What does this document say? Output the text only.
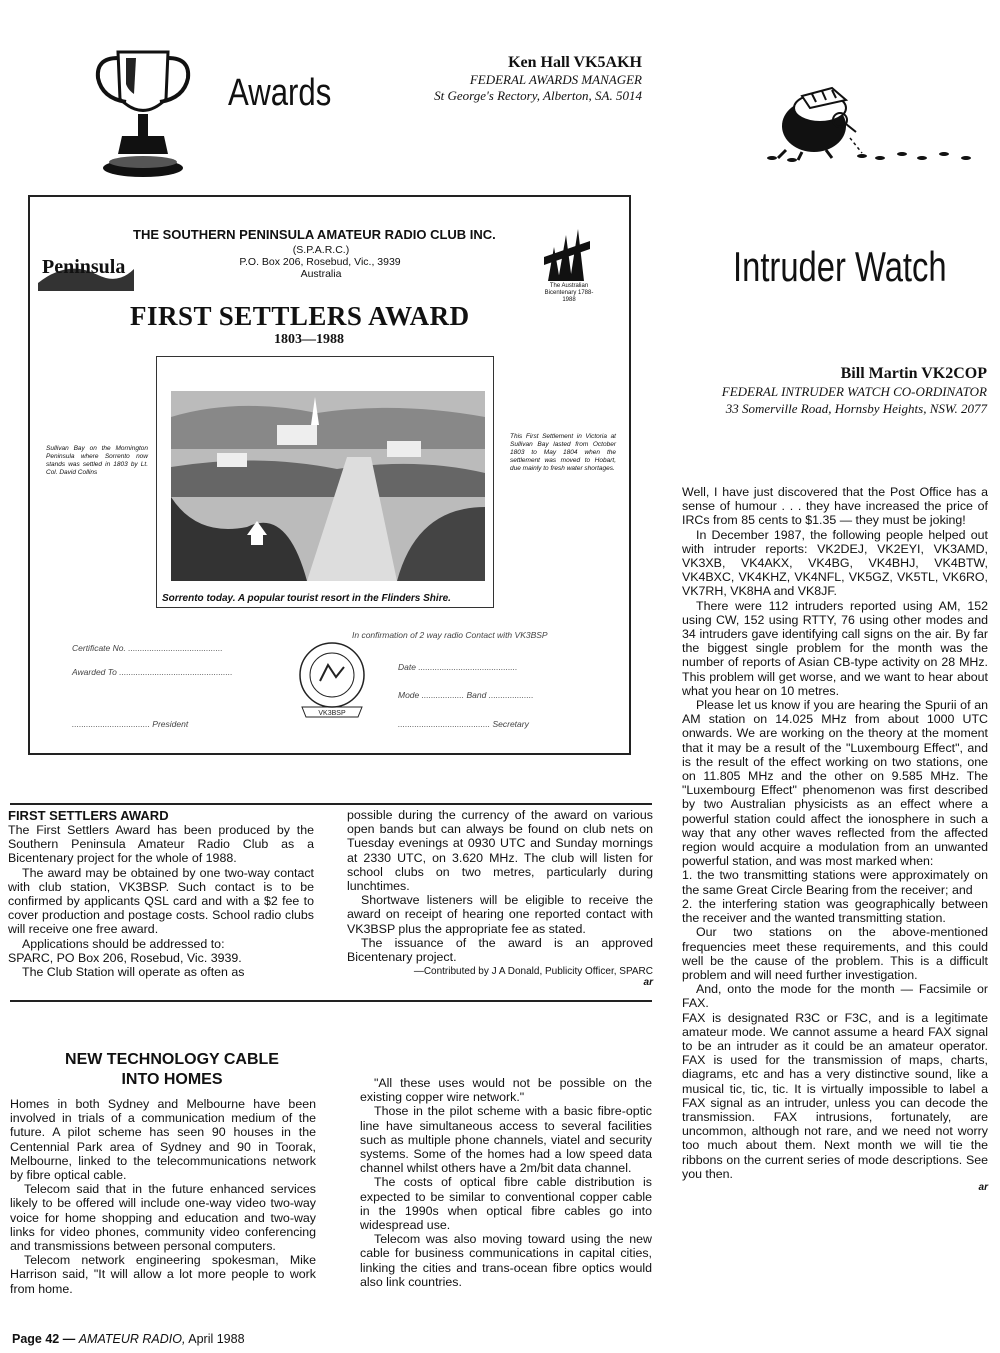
Awards
Ken Hall VK5AKH
FEDERAL AWARDS MANAGER
St George's Rectory, Alberton, SA. 5014
Intruder Watch
Bill Martin VK2COP
FEDERAL INTRUDER WATCH CO-ORDINATOR
33 Somerville Road, Hornsby Heights, NSW. 2077
Peninsula
THE SOUTHERN PENINSULA AMATEUR RADIO CLUB INC.
(S.P.A.R.C.)
P.O. Box 206, Rosebud, Vic., 3939
Australia
The Australian Bicentenary 1788-1988
FIRST SETTLERS AWARD
1803—1988
Sullivan Bay on the Mornington Peninsula where Sorrento now stands was settled in 1803 by Lt. Col. David Collins
This First Settlement in Victoria at Sullivan Bay lasted from October 1803 to May 1804 when the settlement was moved to Hobart, due mainly to fresh water shortages.
Sorrento today. A popular tourist resort in the Flinders Shire.
In confirmation of 2 way radio Contact with VK3BSP
Certificate No. ........................................
Awarded To ................................................	Date ..........................................
Mode .................. Band ...................
................................. President	....................................... Secretary
VK3BSP
FIRST SETTLERS AWARD

The First Settlers Award has been produced by the Southern Peninsula Amateur Radio Club as a Bicentenary project for the whole of 1988.

The award may be obtained by one two-way contact with club station, VK3BSP. Such contact is to be confirmed by applicants QSL card and with a $2 fee to cover production and postage costs. School radio clubs will receive one free award.

Applications should be addressed to:

SPARC, PO Box 206, Rosebud, Vic. 3939.

The Club Station will operate as often as

possible during the currency of the award on various open bands but can always be found on club nets on Tuesday evenings at 0930 UTC and Sunday mornings at 2330 UTC, on 3.620 MHz. The club will listen for school clubs on two metres, particularly during lunchtimes.

Shortwave listeners will be eligible to receive the award on receipt of hearing one reported contact with VK3BSP plus the appropriate fee as stated.

The issuance of the award is an approved Bicentenary project.

—Contributed by J A Donald, Publicity Officer, SPARC
ar
NEW TECHNOLOGY CABLE
INTO HOMES

Homes in both Sydney and Melbourne have been involved in trials of a communication medium of the future. A pilot scheme has seen 90 houses in the Centennial Park area of Sydney and 90 in Toorak, Melbourne, linked to the telecommunications network by fibre optical cable.

Telecom said that in the future enhanced services likely to be offered will include one-way video two-way voice for home shopping and education and two-way links for video phones, community video conferencing and transmissions between personal computers.

Telecom network engineering spokesman, Mike Harrison said, "It will allow a lot more people to work from home.

"All these uses would not be possible on the existing copper wire network."

Those in the pilot scheme with a basic fibre-optic line have simultaneous access to several facilities such as multiple phone channels, viatel and security systems. Some of the homes had a low speed data channel whilst others have a 2m/bit data channel.

The costs of optical fibre cable distribution is expected to be similar to conventional copper cable in the 1990s when optical fibre cables go into widespread use.

Telecom was also moving toward using the new cable for business communications in capital cities, linking the cities and trans-ocean fibre optics would also link countries.

Well, I have just discovered that the Post Office has a sense of humour . . . they have increased the price of IRCs from 85 cents to $1.35 — they must be joking!

In December 1987, the following people helped out with intruder reports: VK2DEJ, VK2EYI, VK3AMD, VK3XB, VK4AKX, VK4BG, VK4BHJ, VK4BTW, VK4BXC, VK4KHZ, VK4NFL, VK5GZ, VK5TL, VK6RO, VK7RH, VK8HA and VK8JF.

There were 112 intruders reported using AM, 152 using CW, 152 using RTTY, 76 using other modes and 34 intruders gave identifying call signs on the air. By far the biggest single problem for the month was the number of reports of Asian CB-type activity on 28 MHz. This problem will get worse, and we want to hear about what you hear on 10 metres.

Please let us know if you are hearing the Spurii of an AM station on 14.025 MHz from about 1000 UTC onwards. We are working on the theory at the moment that it may be a result of the "Luxembourg Effect", and is the result of the effect working on two stations, one on 11.805 MHz and the other on 9.585 MHz. The "Luxembourg Effect" phenomenon was first described by two Australian physicists as an effect where a powerful station could affect the ionosphere in such a way that any other waves reflected from the affected region would acquire a modulation from an unwanted powerful station, and was most marked when:

1. the two transmitting stations were approximately on the same Great Circle Bearing from the receiver; and

2. the interfering station was geographically between the receiver and the wanted transmitting station.

Our two stations on the above-mentioned frequencies meet these requirements, and this could well be the cause of the problem. This is a difficult problem and will need further investigation.

And, onto the mode for the month — Facsimile or FAX.

FAX is designated R3C or F3C, and is a legitimate amateur mode. We cannot assume a heard FAX signal to be an intruder as it could be an amateur operator. FAX is used for the transmission of maps, charts, diagrams, etc and has a very distinctive sound, like a musical tic, tic, tic. It is virtually impossible to label a FAX signal as an intruder, unless you can decode the transmission. FAX intrusions, fortunately, are uncommon, although not rare, and we need not worry too much about them. Next month we will tie the ribbons on the current series of mode descriptions. See you then.

ar
Page 42 — AMATEUR RADIO, April 1988
